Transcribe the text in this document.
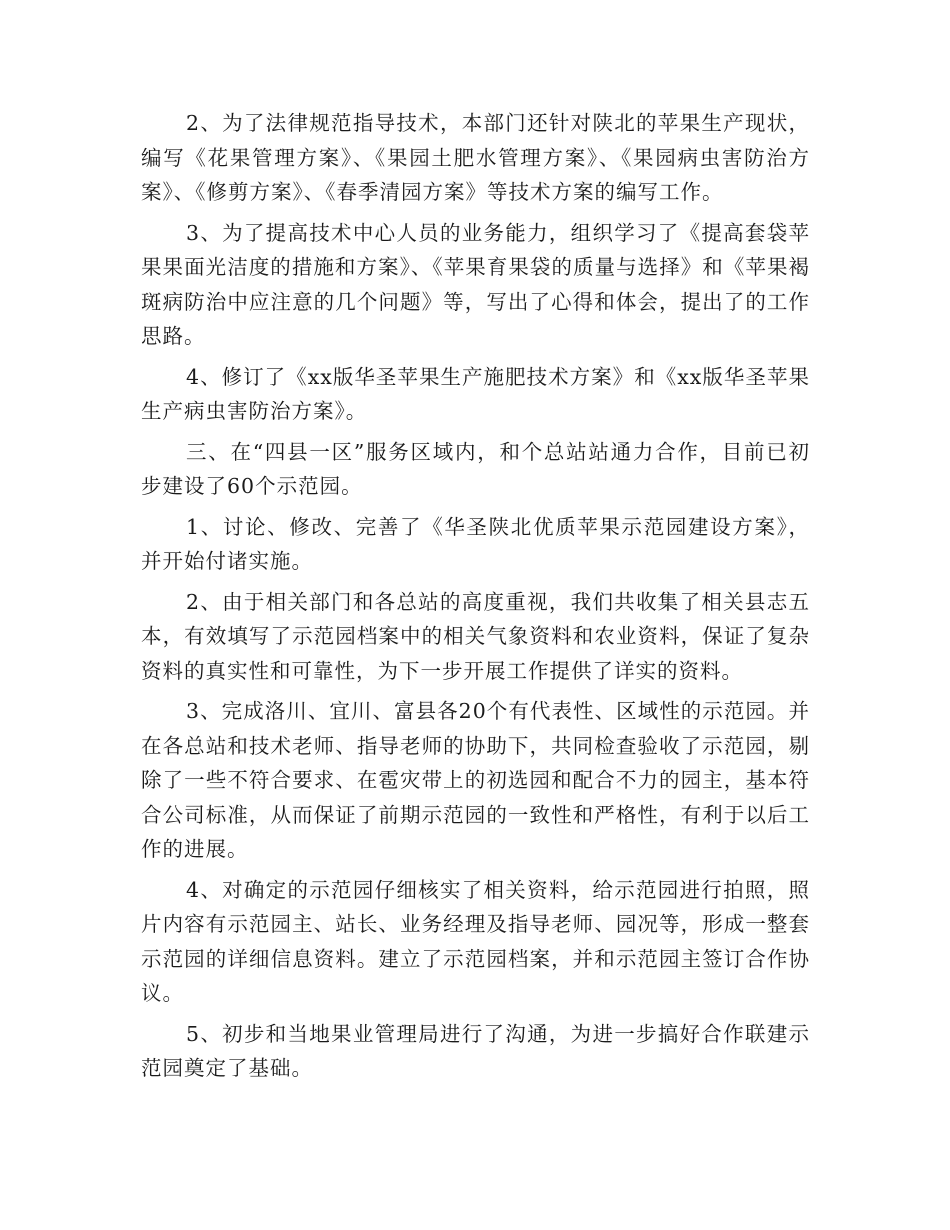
2、为了法律规范指导技术，本部门还针对陕北的苹果生产现状，编写《花果管理方案》、《果园土肥水管理方案》、《果园病虫害防治方案》、《修剪方案》、《春季清园方案》等技术方案的编写工作。

3、为了提高技术中心人员的业务能力，组织学习了《提高套袋苹果果面光洁度的措施和方案》、《苹果育果袋的质量与选择》和《苹果褐斑病防治中应注意的几个问题》等，写出了心得和体会，提出了的工作思路。

4、修订了《xx版华圣苹果生产施肥技术方案》和《xx版华圣苹果生产病虫害防治方案》。

三、在“四县一区”服务区域内，和个总站站通力合作，目前已初步建设了60个示范园。

1、讨论、修改、完善了《华圣陕北优质苹果示范园建设方案》，并开始付诸实施。

2、由于相关部门和各总站的高度重视，我们共收集了相关县志五本，有效填写了示范园档案中的相关气象资料和农业资料，保证了复杂资料的真实性和可靠性，为下一步开展工作提供了详实的资料。

3、完成洛川、宜川、富县各20个有代表性、区域性的示范园。并在各总站和技术老师、指导老师的协助下，共同检查验收了示范园，剔除了一些不符合要求、在雹灾带上的初选园和配合不力的园主，基本符合公司标准，从而保证了前期示范园的一致性和严格性，有利于以后工作的进展。

4、对确定的示范园仔细核实了相关资料，给示范园进行拍照，照片内容有示范园主、站长、业务经理及指导老师、园况等，形成一整套示范园的详细信息资料。建立了示范园档案，并和示范园主签订合作协议。

5、初步和当地果业管理局进行了沟通，为进一步搞好合作联建示范园奠定了基础。
